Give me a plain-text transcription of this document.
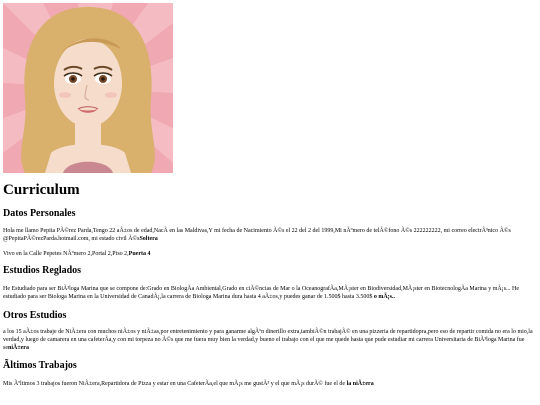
Curriculum
Datos Personales

Hola me llamo Pepita PÃ©rez Parda,Tengo 22 aÃ±os de edad,NacÃ en las Maldivas,Y mi fecha de Nacimiento Ã©s el 22 del 2 del 1999,Mi nÃºmero de telÃ©fono Ã©s 222222222, mi correo electrÃ³nico Ã©s @PepitaPÃ©rezParda.hotmail.com, mi estado civil Ã©sSoltera

Vivo en la Calle Pepetes NÃºmero 2,Portal 2,Piso 2,Puerta 4

Estudios Reglados

He Estudiado para ser BiÃ³loga Marina que se compone de:Grado en BiologÃa Ambiental,Grado en ciÃ©ncias de Mar o la OceanografÃa,MÃ¡ster en Biodiversidad,MÃ¡ster en BiotecnologÃa Marina y mÃ¡s... He estudiado para ser Biologa Marina en la Universidad de CanadÃ¡,la carrera de Biologa Marina dura hasta 4 aÃ±os,y puedes ganar de 1.500$ hasta 3.500$ o mÃ¡s..

Otros Estudios

a los 15 aÃ±os trabaje de NiÃ±era con muchos niÃ±os y niÃ±as,por entretenimiento y para ganarme algÃºn dinerillo extra,tambiÃ©n trabajÃ© en una pizzeria de repartidopra,pero eso de repartir comida no era lo mio,la verdad,y luego de camarera en una cafeterÃa,y con mi torpeza no Ã©s que me fuera muy bien la verdad,y bueno el trabajo con el que me quede hasta que pude estudiar mi carrera Universitaria de BiÃ³loga Marina fue seniÃ±era

Ãltimos Trabajos

Mis Ãºltimos 3 trabajos fueron NiÃ±era,Repartidora de Pizza y estar en una CafeterÃa,el que mÃ¡s me gustÃ³ y el que mÃ¡s durÃ© fue el de la niÃ±era
